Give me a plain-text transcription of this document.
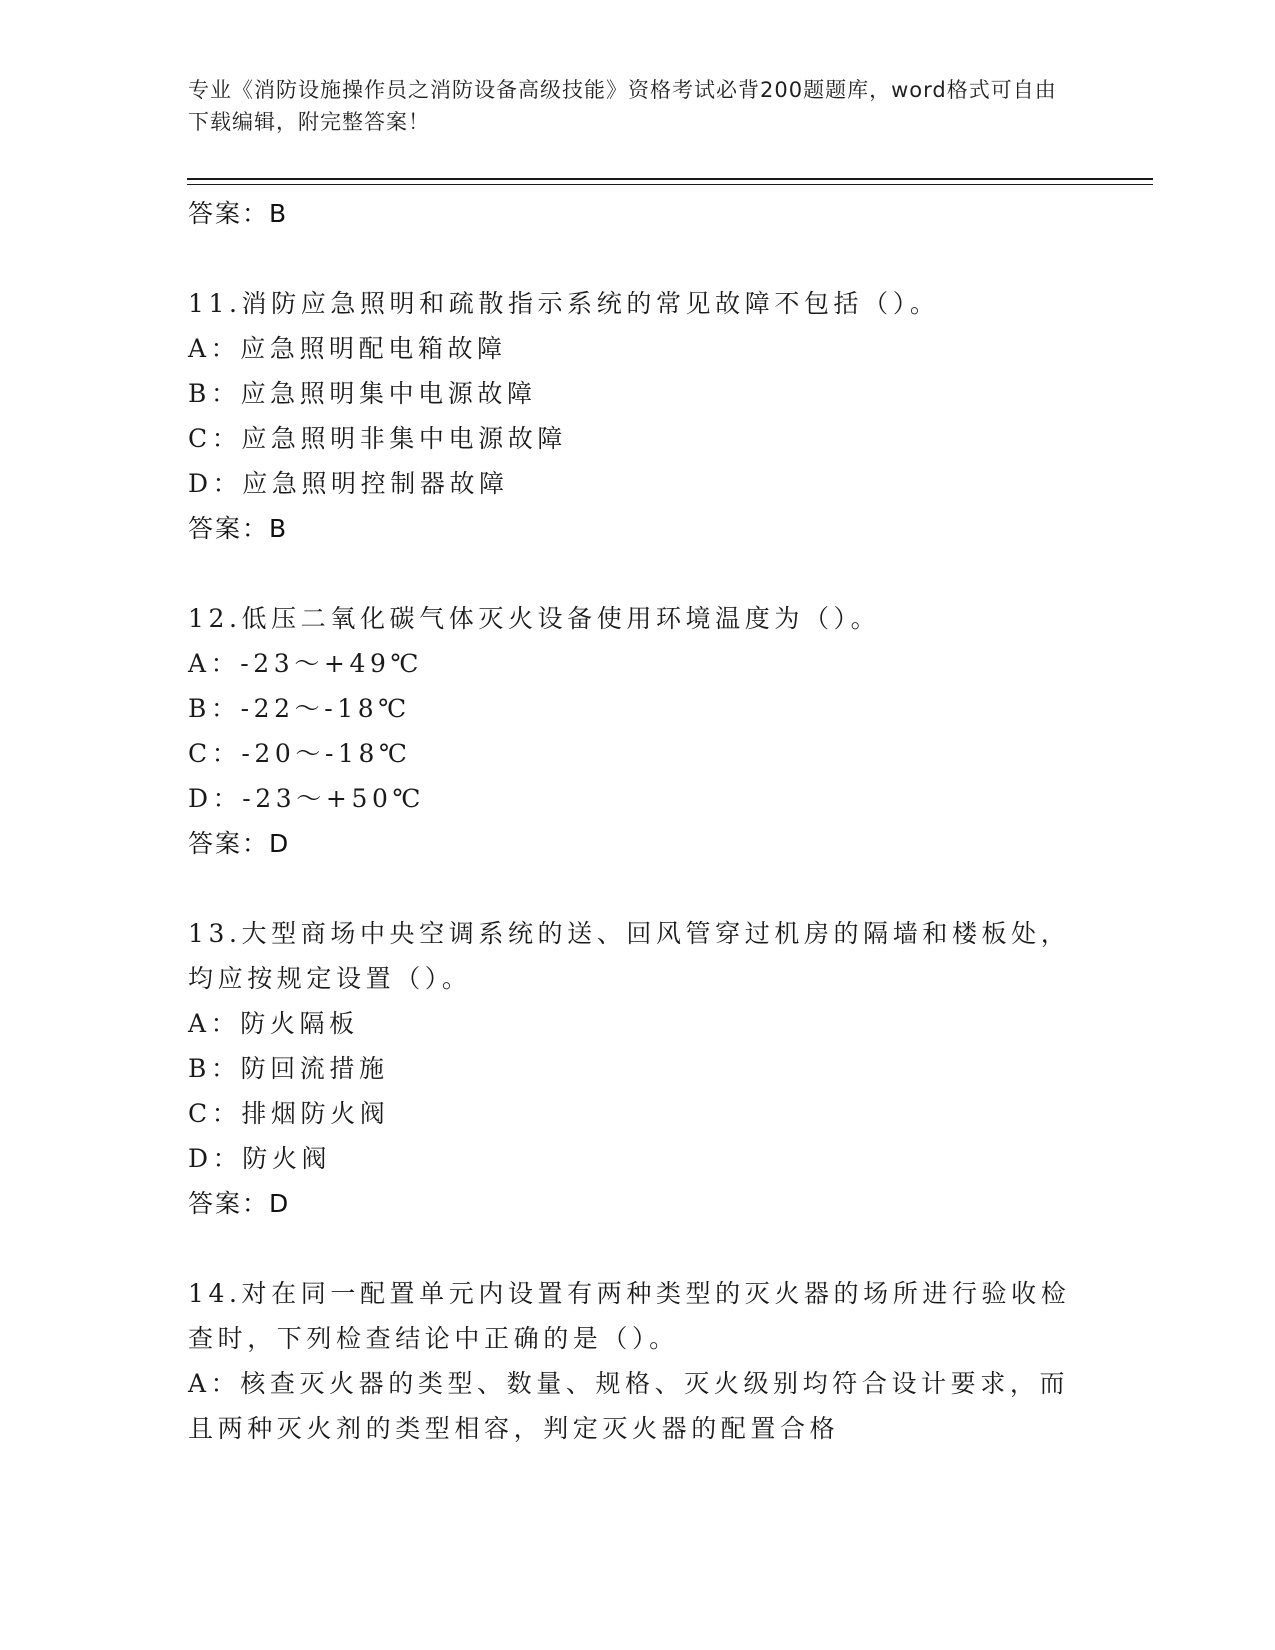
专业《消防设施操作员之消防设备高级技能》资格考试必背200题题库，word格式可自由下载编辑，附完整答案！
答案：B
11.消防应急照明和疏散指示系统的常见故障不包括（）。
A：应急照明配电箱故障
B：应急照明集中电源故障
C：应急照明非集中电源故障
D：应急照明控制器故障
答案：B
12.低压二氧化碳气体灭火设备使用环境温度为（）。
A：-23～+49℃
B：-22～-18℃
C：-20～-18℃
D：-23～+50℃
答案：D
13.大型商场中央空调系统的送、回风管穿过机房的隔墙和楼板处，均应按规定设置（）。
A：防火隔板
B：防回流措施
C：排烟防火阀
D：防火阀
答案：D
14.对在同一配置单元内设置有两种类型的灭火器的场所进行验收检查时，下列检查结论中正确的是（）。
A：核查灭火器的类型、数量、规格、灭火级别均符合设计要求，而且两种灭火剂的类型相容，判定灭火器的配置合格
